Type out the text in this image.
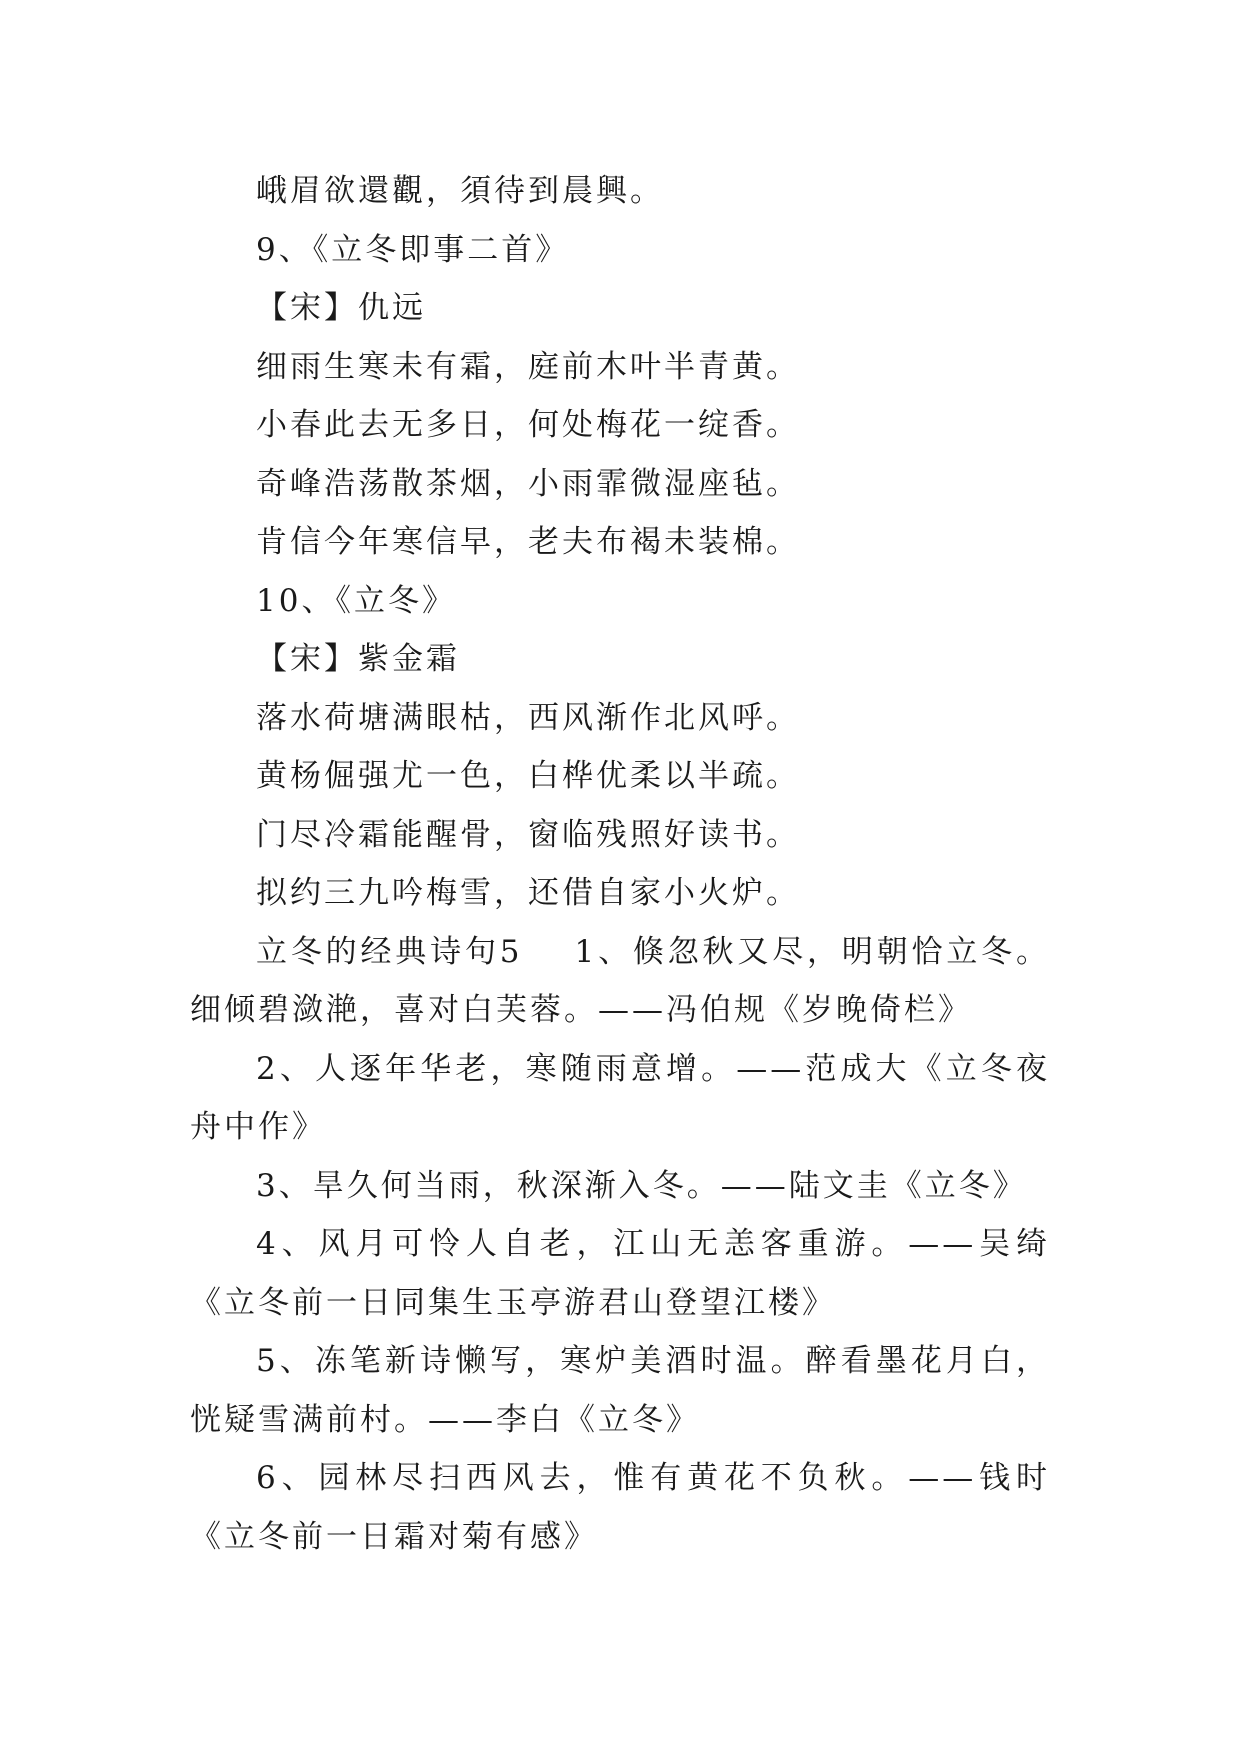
峨眉欲還觀，須待到晨興。
9、《立冬即事二首》
【宋】仇远
细雨生寒未有霜，庭前木叶半青黄。
小春此去无多日，何处梅花一绽香。
奇峰浩荡散茶烟，小雨霏微湿座毡。
肯信今年寒信早，老夫布褐未装棉。
10、《立冬》
【宋】紫金霜
落水荷塘满眼枯，西风渐作北风呼。
黄杨倔强尤一色，白桦优柔以半疏。
门尽冷霜能醒骨，窗临残照好读书。
拟约三九吟梅雪，还借自家小火炉。

立冬的经典诗句5 1、倏忽秋又尽，明朝恰立冬。细倾碧潋滟，喜对白芙蓉。——冯伯规《岁晚倚栏》

2、人逐年华老，寒随雨意增。——范成大《立冬夜舟中作》

3、旱久何当雨，秋深渐入冬。——陆文圭《立冬》

4、风月可怜人自老，江山无恙客重游。——吴绮《立冬前一日同集生玉亭游君山登望江楼》

5、冻笔新诗懒写，寒炉美酒时温。醉看墨花月白，恍疑雪满前村。——李白《立冬》

6、园林尽扫西风去，惟有黄花不负秋。——钱时《立冬前一日霜对菊有感》
